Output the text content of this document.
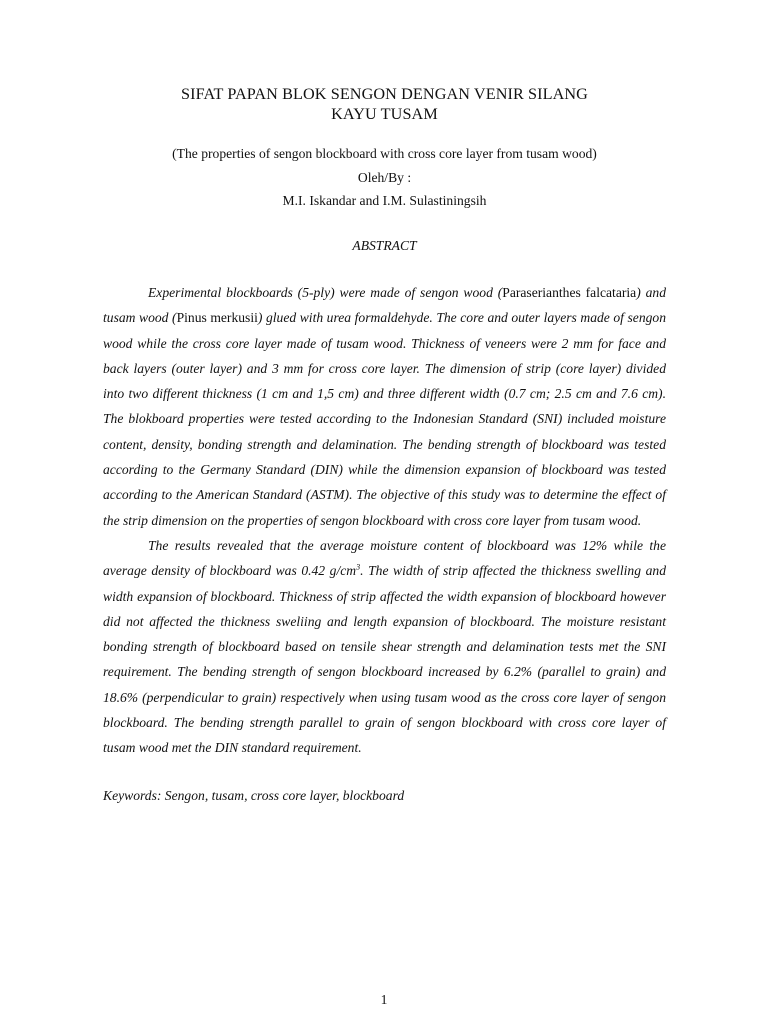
SIFAT PAPAN BLOK SENGON DENGAN VENIR SILANG
KAYU TUSAM

(The properties of sengon blockboard with cross core layer from tusam wood)

Oleh/By :

M.I. Iskandar and I.M. Sulastiningsih

ABSTRACT

Experimental blockboards (5-ply) were made of sengon wood (Paraserianthes falcataria) and tusam wood (Pinus merkusii) glued with urea formaldehyde. The core and outer layers made of sengon wood while the cross core layer made of tusam wood. Thickness of veneers were 2 mm for face and back layers (outer layer) and 3 mm for cross core layer. The dimension of strip (core layer) divided into two different thickness (1 cm and 1,5 cm) and three different width (0.7 cm; 2.5 cm and 7.6 cm). The blokboard properties were tested according to the Indonesian Standard (SNI) included moisture content, density, bonding strength and delamination. The bending strength of blockboard was tested according to the Germany Standard (DIN) while the dimension expansion of blockboard was tested according to the American Standard (ASTM). The objective of this study was to determine the effect of the strip dimension on the properties of sengon blockboard with cross core layer from tusam wood.

The results revealed that the average moisture content of blockboard was 12% while the average density of blockboard was 0.42 $g/cm^3$. The width of strip affected the thickness swelling and width expansion of blockboard. Thickness of strip affected the width expansion of blockboard however did not affected the thickness sweliing and length expansion of blockboard. The moisture resistant bonding strength of blockboard based on tensile shear strength and delamination tests met the SNI requirement. The bending strength of sengon blockboard increased by 6.2% (parallel to grain) and 18.6% (perpendicular to grain) respectively when using tusam wood as the cross core layer of sengon blockboard. The bending strength parallel to grain of sengon blockboard with cross core layer of tusam wood met the DIN standard requirement.

Keywords: Sengon, tusam, cross core layer, blockboard

1
